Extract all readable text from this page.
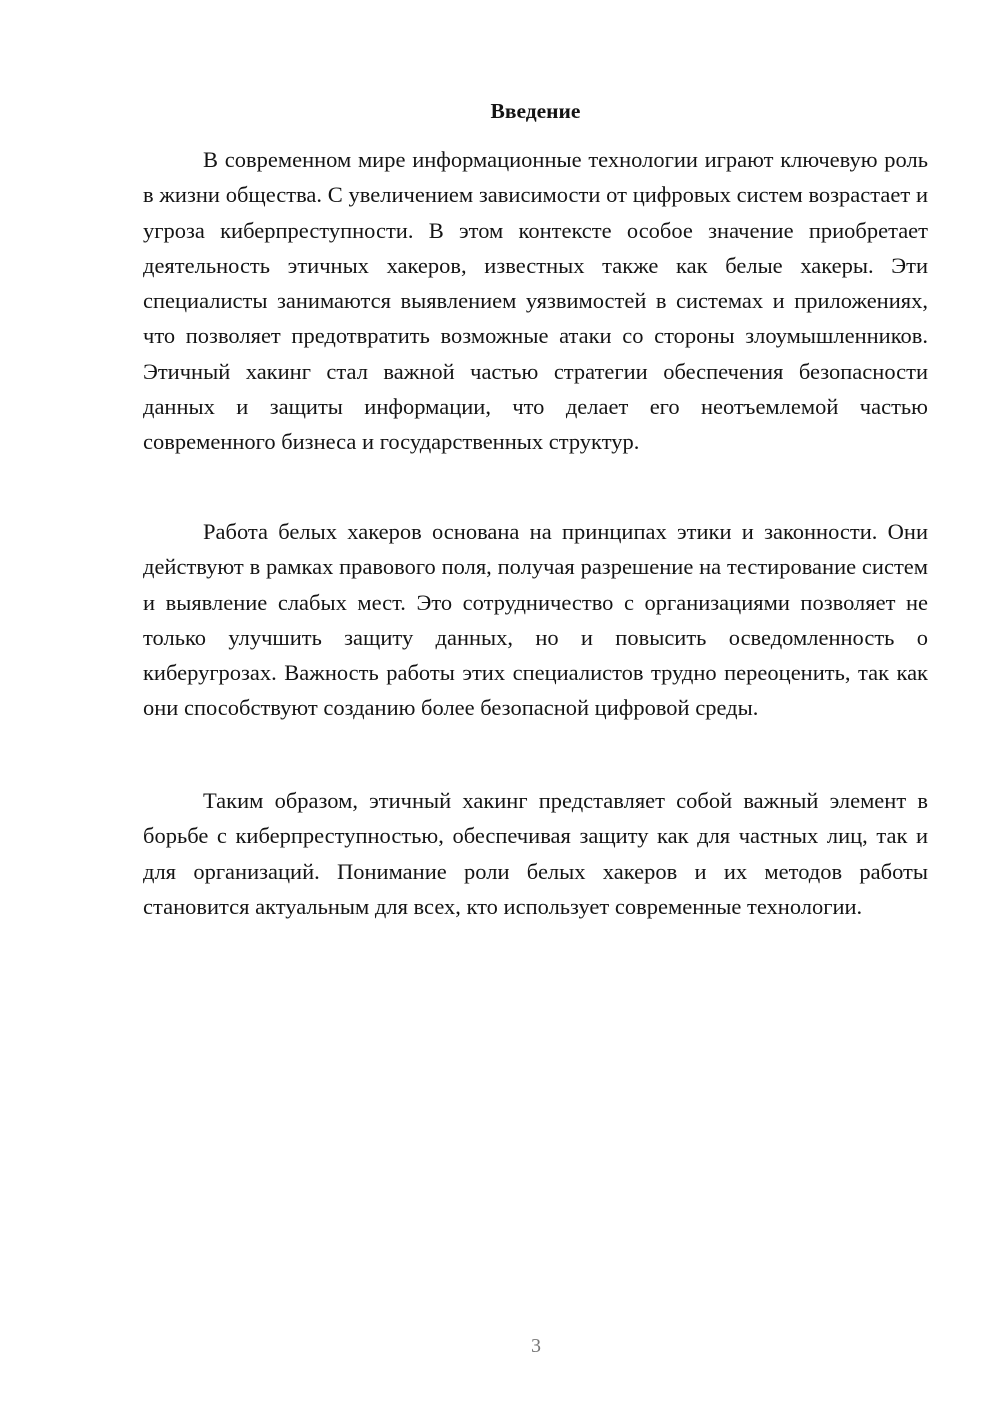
Введение

В современном мире информационные технологии играют ключевую роль в жизни общества. С увеличением зависимости от цифровых систем возрастает и угроза киберпреступности. В этом контексте особое значение приобретает деятельность этичных хакеров, известных также как белые хакеры. Эти специалисты занимаются выявлением уязвимостей в системах и приложениях, что позволяет предотвратить возможные атаки со стороны злоумышленников. Этичный хакинг стал важной частью стратегии обеспечения безопасности данных и защиты информации, что делает его неотъемлемой частью современного бизнеса и государственных структур.

Работа белых хакеров основана на принципах этики и законности. Они действуют в рамках правового поля, получая разрешение на тестирование систем и выявление слабых мест. Это сотрудничество с организациями позволяет не только улучшить защиту данных, но и повысить осведомленность о киберугрозах. Важность работы этих специалистов трудно переоценить, так как они способствуют созданию более безопасной цифровой среды.

Таким образом, этичный хакинг представляет собой важный элемент в борьбе с киберпреступностью, обеспечивая защиту как для частных лиц, так и для организаций. Понимание роли белых хакеров и их методов работы становится актуальным для всех, кто использует современные технологии.

3
